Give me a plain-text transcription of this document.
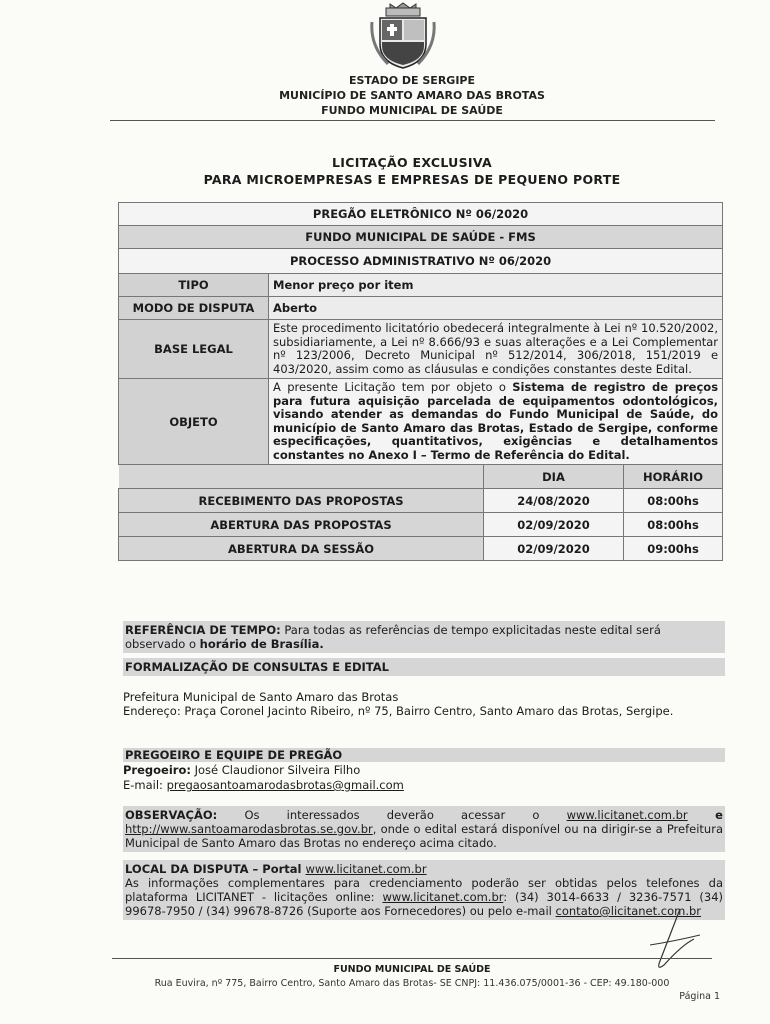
ESTADO DE SERGIPE
MUNICÍPIO DE SANTO AMARO DAS BROTAS
FUNDO MUNICIPAL DE SAÚDE
LICITAÇÃO EXCLUSIVA
PARA MICROEMPRESAS E EMPRESAS DE PEQUENO PORTE
PREGÃO ELETRÔNICO Nº 06/2020			
FUNDO MUNICIPAL DE SAÚDE - FMS			
PROCESSO ADMINISTRATIVO Nº 06/2020			
TIPO	Menor preço por item		
MODO DE DISPUTA	Aberto		
BASE LEGAL	Este procedimento licitatório obedecerá integralmente à Lei nº 10.520/2002, subsidiariamente, a Lei nº 8.666/93 e suas alterações e a Lei Complementar nº 123/2006, Decreto Municipal nº 512/2014, 306/2018, 151/2019 e 403/2020, assim como as cláusulas e condições constantes deste Edital.		
OBJETO	A presente Licitação tem por objeto o Sistema de registro de preços para futura aquisição parcelada de equipamentos odontológicos, visando atender as demandas do Fundo Municipal de Saúde, do município de Santo Amaro das Brotas, Estado de Sergipe, conforme especificações, quantitativos, exigências e detalhamentos constantes no Anexo I – Termo de Referência do Edital.		
		DIA	HORÁRIO
RECEBIMENTO DAS PROPOSTAS		24/08/2020	08:00hs
ABERTURA DAS PROPOSTAS		02/09/2020	08:00hs
ABERTURA DA SESSÃO		02/09/2020	09:00hs
REFERÊNCIA DE TEMPO: Para todas as referências de tempo explicitadas neste edital será observado o horário de Brasília.
FORMALIZAÇÃO DE CONSULTAS E EDITAL
Prefeitura Municipal de Santo Amaro das Brotas
Endereço: Praça Coronel Jacinto Ribeiro, nº 75, Bairro Centro, Santo Amaro das Brotas, Sergipe.
PREGOEIRO E EQUIPE DE PREGÃO
Pregoeiro: José Claudionor Silveira Filho
E-mail: pregaosantoamarodasbrotas@gmail.com
OBSERVAÇÃO: Os interessados deverão acessar o www.licitanet.com.br e http://www.santoamarodasbrotas.se.gov.br, onde o edital estará disponível ou na dirigir-se a Prefeitura Municipal de Santo Amaro das Brotas no endereço acima citado.
LOCAL DA DISPUTA – Portal www.licitanet.com.br
As informações complementares para credenciamento poderão ser obtidas pelos telefones da plataforma LICITANET - licitações online: www.licitanet.com.br: (34) 3014-6633 / 3236-7571 (34) 99678-7950 / (34) 99678-8726 (Suporte aos Fornecedores) ou pelo e-mail contato@licitanet.com.br
FUNDO MUNICIPAL DE SAÚDE
Rua Euvira, nº 775, Bairro Centro, Santo Amaro das Brotas- SE CNPJ: 11.436.075/0001-36 - CEP: 49.180-000
Página 1
